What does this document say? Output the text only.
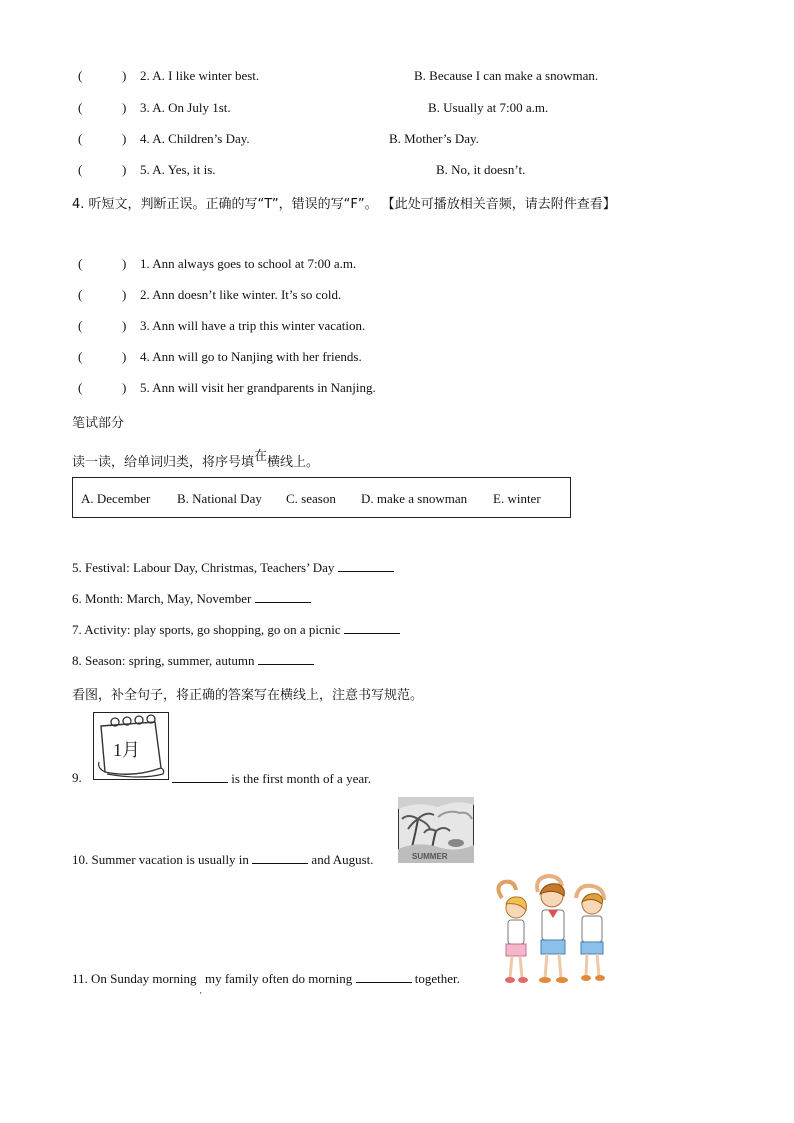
(	) 2. A. I like winter best.	B. Because I can make a snowman.
(	) 3. A. On July 1st.	B. Usually at 7:00 a.m.
(	) 4. A. Children’s Day.	B. Mother’s Day.
(	) 5. A. Yes, it is.	B. No, it doesn’t.
4. 听短文，判断正误。正确的写“T”，错误的写“F”。 【此处可播放相关音频，请去附件查看】
(	) 1. Ann always goes to school at 7:00 a.m.
(	) 2. Ann doesn’t like winter. It’s so cold.
(	) 3. Ann will have a trip this winter vacation.
(	) 4. Ann will go to Nanjing with her friends.
(	) 5. Ann will visit her grandparents in Nanjing.
笔试部分
读一读，给单词归类，将序号填在横线上。
A. December B. National Day C. season D. make a snowman E. winter
5. Festival: Labour Day, Christmas, Teachers’ Day
6. Month: March, May, November
7. Activity: play sports, go shopping, go on a picnic
8. Season: spring, summer, autumn
看图，补全句子，将正确的答案写在横线上，注意书写规范。
9.
1月
is the first month of a year.
10. Summer vacation is usually in	and August.	SUMMER
11. On Sunday morning $_,$ my family often do morning	together.
